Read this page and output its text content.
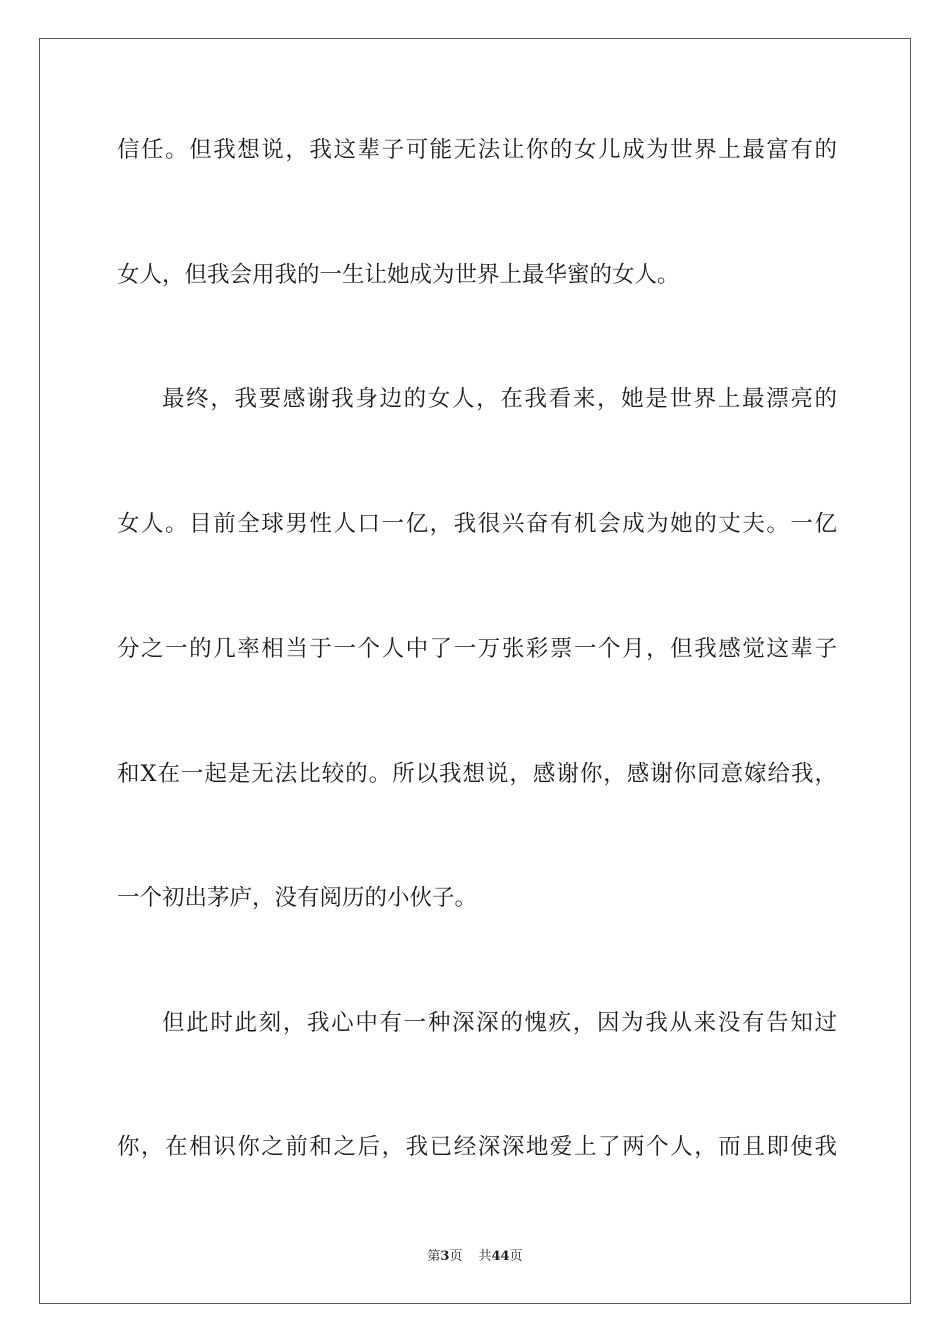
信任。但我想说，我这辈子可能无法让你的女儿成为世界上最富有的
女人，但我会用我的一生让她成为世界上最华蜜的女人。
最终，我要感谢我身边的女人，在我看来，她是世界上最漂亮的
女人。目前全球男性人口一亿，我很兴奋有机会成为她的丈夫。一亿
分之一的几率相当于一个人中了一万张彩票一个月，但我感觉这辈子
和X在一起是无法比较的。所以我想说，感谢你，感谢你同意嫁给我，
一个初出茅庐，没有阅历的小伙子。
但此时此刻，我心中有一种深深的愧疚，因为我从来没有告知过
你，在相识你之前和之后，我已经深深地爱上了两个人，而且即使我
第3页 共44页
